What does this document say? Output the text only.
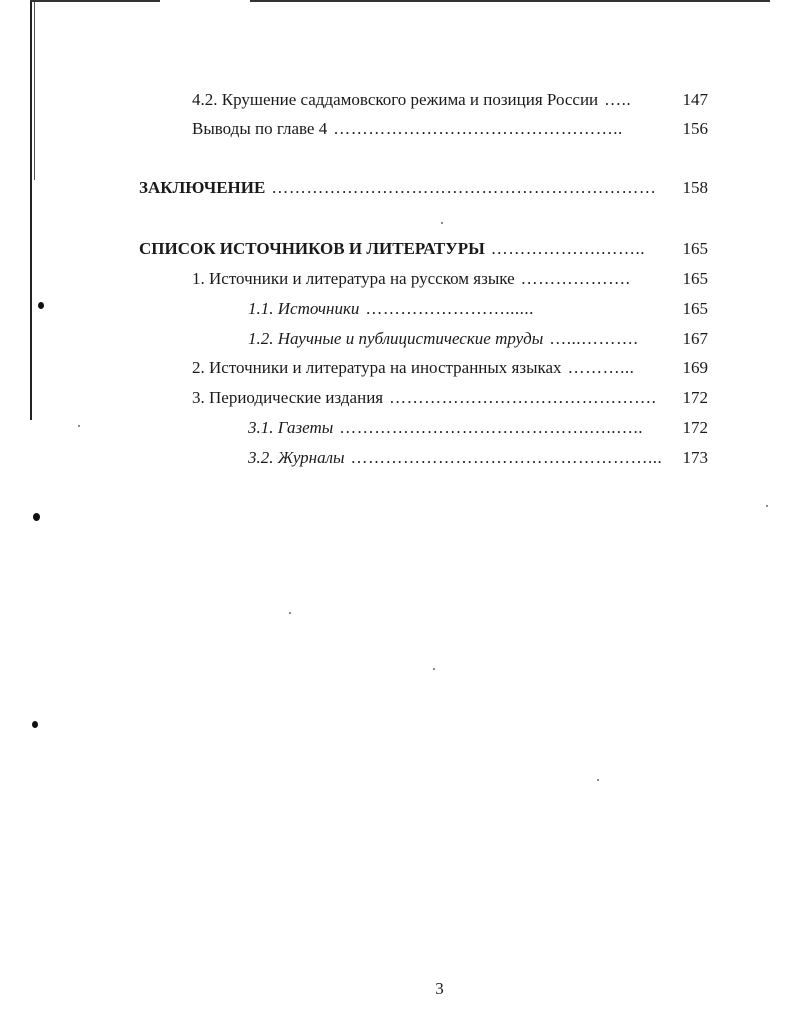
4.2. Крушение саддамовского режима и позиция России …..	147
Выводы по главе 4 …………………………………………..	156
ЗАКЛЮЧЕНИЕ …………………………………………………………	158
СПИСОК ИСТОЧНИКОВ И ЛИТЕРАТУРЫ ……………….……..	165
1. Источники и литература на русском языке ……………….	165
1.1. Источники ……………………......	165
1.2. Научные и публицистические труды …...……….	167
2. Источники и литература на иностранных языках ………...	169
3. Периодические издания ……………………………………….	172
3.1. Газеты …………………………………….…..…..	172
3.2. Журналы ……………………………………………...	173
3
